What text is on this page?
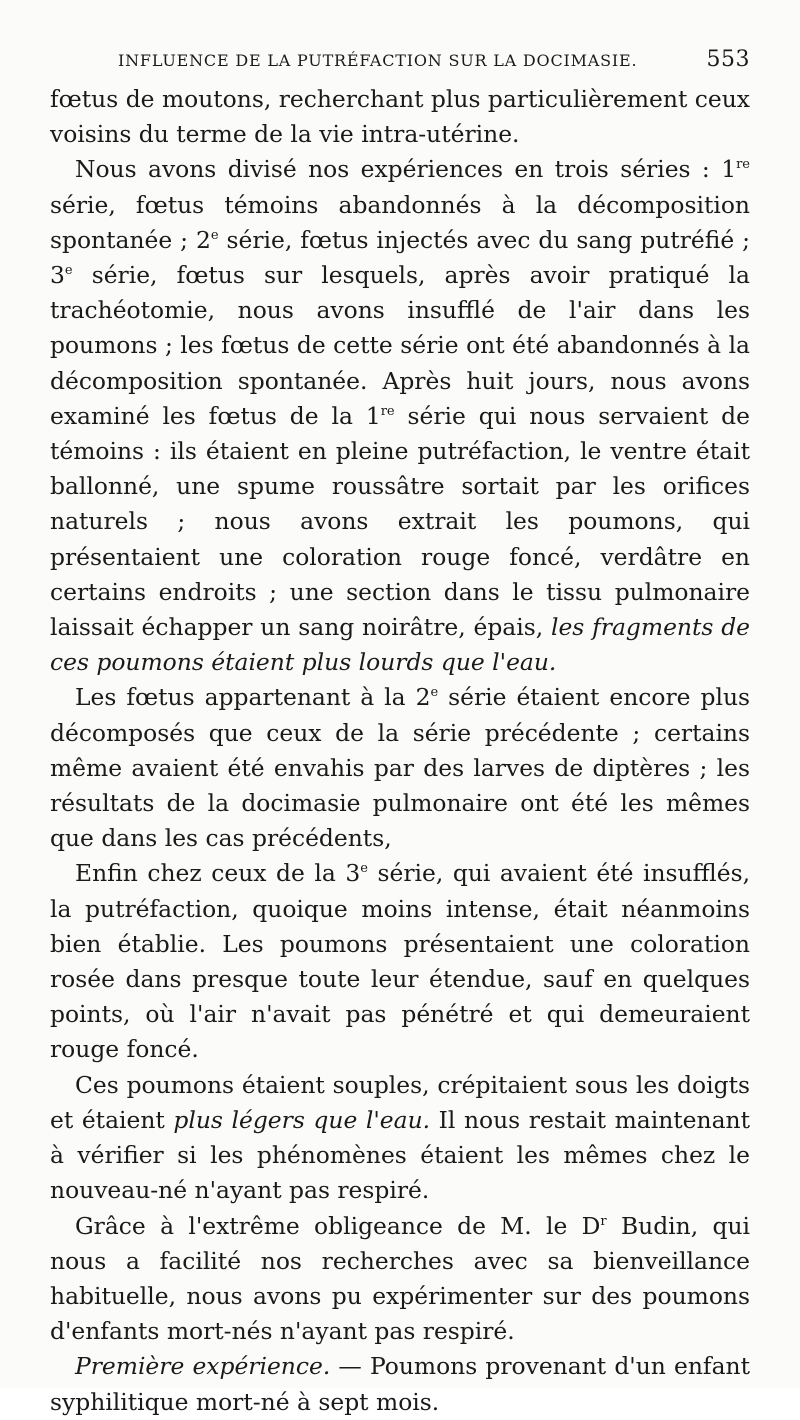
INFLUENCE DE LA PUTRÉFACTION SUR LA DOCIMASIE.	553

fœtus de moutons, recherchant plus particulièrement ceux voisins du terme de la vie intra-utérine.

Nous avons divisé nos expériences en trois séries : 1re série, fœtus témoins abandonnés à la décomposition spontanée ; 2e série, fœtus injectés avec du sang putréfié ; 3e série, fœtus sur lesquels, après avoir pratiqué la trachéotomie, nous avons insufflé de l'air dans les poumons ; les fœtus de cette série ont été abandonnés à la décomposition spontanée. Après huit jours, nous avons examiné les fœtus de la 1re série qui nous servaient de témoins : ils étaient en pleine putréfaction, le ventre était ballonné, une spume roussâtre sortait par les orifices naturels ; nous avons extrait les poumons, qui présentaient une coloration rouge foncé, verdâtre en certains endroits ; une section dans le tissu pulmonaire laissait échapper un sang noirâtre, épais, les fragments de ces poumons étaient plus lourds que l'eau.

Les fœtus appartenant à la 2e série étaient encore plus décomposés que ceux de la série précédente ; certains même avaient été envahis par des larves de diptères ; les résultats de la docimasie pulmonaire ont été les mêmes que dans les cas précédents,

Enfin chez ceux de la 3e série, qui avaient été insufflés, la putréfaction, quoique moins intense, était néanmoins bien établie. Les poumons présentaient une coloration rosée dans presque toute leur étendue, sauf en quelques points, où l'air n'avait pas pénétré et qui demeuraient rouge foncé.

Ces poumons étaient souples, crépitaient sous les doigts et étaient plus légers que l'eau. Il nous restait maintenant à vérifier si les phénomènes étaient les mêmes chez le nouveau-né n'ayant pas respiré.

Grâce à l'extrême obligeance de M. le $D^r$ Budin, qui nous a facilité nos recherches avec sa bienveillance habituelle, nous avons pu expérimenter sur des poumons d'enfants mort-nés n'ayant pas respiré.

Première expérience. — Poumons provenant d'un enfant syphilitique mort-né à sept mois.
